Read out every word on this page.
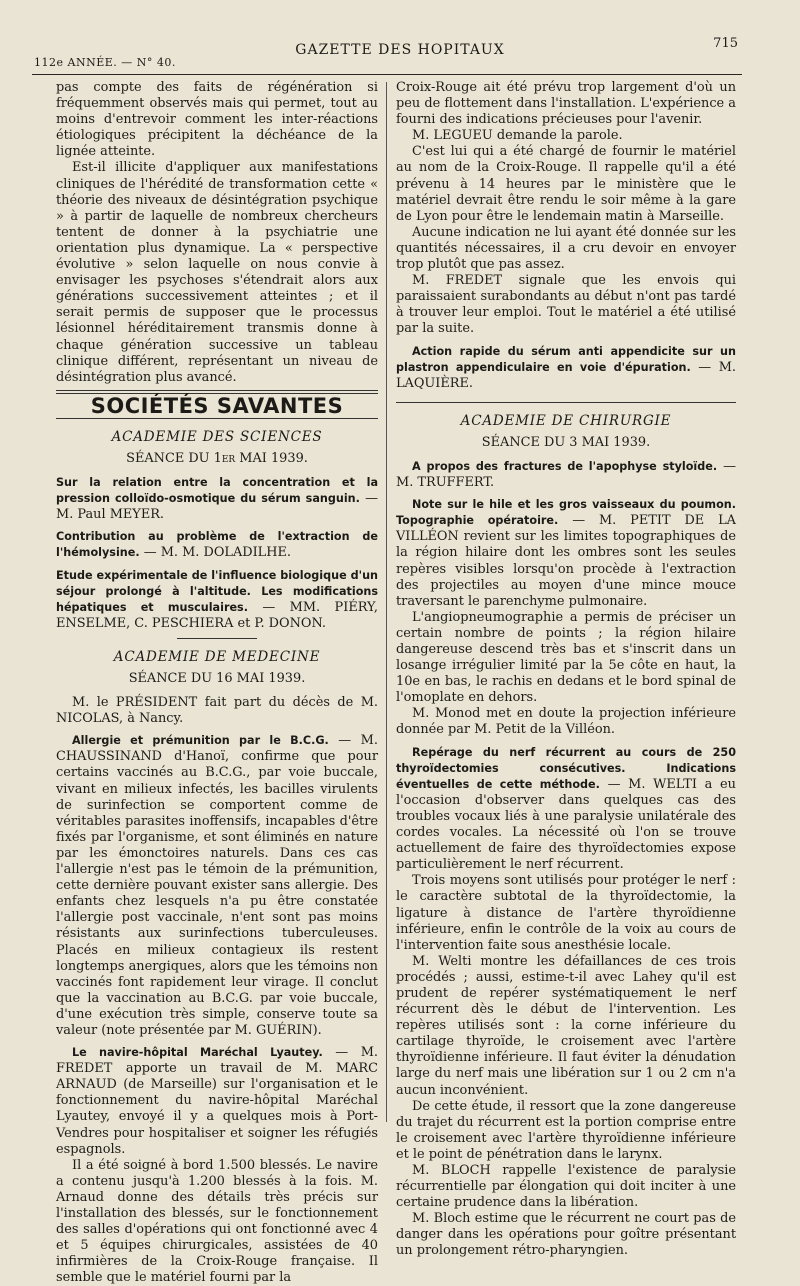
112e ANNÉE. — N° 40.
GAZETTE DES HOPITAUX	715

pas compte des faits de régénération si fréquemment observés mais qui permet, tout au moins d'entrevoir comment les inter-réactions étiologiques précipitent la déchéance de la lignée atteinte.

Est-il illicite d'appliquer aux manifestations cliniques de l'hérédité de transformation cette « théorie des niveaux de désintégration psychique » à partir de laquelle de nombreux chercheurs tentent de donner à la psychiatrie une orientation plus dynamique. La « perspective évolutive » selon laquelle on nous convie à envisager les psychoses s'étendrait alors aux générations successivement atteintes ; et il serait permis de supposer que le processus lésionnel héréditairement transmis donne à chaque génération successive un tableau clinique différent, représentant un niveau de désintégration plus avancé.

SOCIÉTÉS SAVANTES
ACADEMIE DES SCIENCES
SÉANCE DU 1er MAI 1939.

Sur la relation entre la concentration et la pression colloïdo-osmotique du sérum sanguin. — M. Paul MEYER.

Contribution au problème de l'extraction de l'hémolysine. — M. M. DOLADILHE.

Etude expérimentale de l'influence biologique d'un séjour prolongé à l'altitude. Les modifications hépatiques et musculaires. — MM. PIÉRY, ENSELME, C. PESCHIERA et P. DONON.

ACADEMIE DE MEDECINE
SÉANCE DU 16 MAI 1939.

M. le PRÉSIDENT fait part du décès de M. NICOLAS, à Nancy.

Allergie et prémunition par le B.C.G. — M. CHAUSSINAND d'Hanoï, confirme que pour certains vaccinés au B.C.G., par voie buccale, vivant en milieux infectés, les bacilles virulents de surinfection se comportent comme de véritables parasites inoffensifs, incapables d'être fixés par l'organisme, et sont éliminés en nature par les émonctoires naturels. Dans ces cas l'allergie n'est pas le témoin de la prémunition, cette dernière pouvant exister sans allergie. Des enfants chez lesquels n'a pu être constatée l'allergie post vaccinale, n'ent sont pas moins résistants aux surinfections tuberculeuses. Placés en milieux contagieux ils restent longtemps anergiques, alors que les témoins non vaccinés font rapidement leur virage. Il conclut que la vaccination au B.C.G. par voie buccale, d'une exécution très simple, conserve toute sa valeur (note présentée par M. GUÉRIN).

Le navire-hôpital Maréchal Lyautey. — M. FREDET apporte un travail de M. MARC ARNAUD (de Marseille) sur l'organisation et le fonctionnement du navire-hôpital Maréchal Lyautey, envoyé il y a quelques mois à Port-Vendres pour hospitaliser et soigner les réfugiés espagnols.

Il a été soigné à bord 1.500 blessés. Le navire a contenu jusqu'à 1.200 blessés à la fois. M. Arnaud donne des détails très précis sur l'installation des blessés, sur le fonctionnement des salles d'opérations qui ont fonctionné avec 4 et 5 équipes chirurgicales, assistées de 40 infirmières de la Croix-Rouge française. Il semble que le matériel fourni par la

Croix-Rouge ait été prévu trop largement d'où un peu de flottement dans l'installation. L'expérience a fourni des indications précieuses pour l'avenir.

M. LEGUEU demande la parole.

C'est lui qui a été chargé de fournir le matériel au nom de la Croix-Rouge. Il rappelle qu'il a été prévenu à 14 heures par le ministère que le matériel devrait être rendu le soir même à la gare de Lyon pour être le lendemain matin à Marseille.

Aucune indication ne lui ayant été donnée sur les quantités nécessaires, il a cru devoir en envoyer trop plutôt que pas assez.

M. FREDET signale que les envois qui paraissaient surabondants au début n'ont pas tardé à trouver leur emploi. Tout le matériel a été utilisé par la suite.

Action rapide du sérum anti appendicite sur un plastron appendiculaire en voie d'épuration. — M. LAQUIÈRE.

ACADEMIE DE CHIRURGIE
SÉANCE DU 3 MAI 1939.

A propos des fractures de l'apophyse styloïde. —M. TRUFFERT.

Note sur le hile et les gros vaisseaux du poumon. Topographie opératoire. — M. PETIT DE LA VILLÉON revient sur les limites topographiques de la région hilaire dont les ombres sont les seules repères visibles lorsqu'on procède à l'extraction des projectiles au moyen d'une mince mouce traversant le parenchyme pulmonaire.

L'angiopneumographie a permis de préciser un certain nombre de points ; la région hilaire dangereuse descend très bas et s'inscrit dans un losange irrégulier limité par la 5e côte en haut, la 10e en bas, le rachis en dedans et le bord spinal de l'omoplate en dehors.

M. Monod met en doute la projection inférieure donnée par M. Petit de la Villéon.

Repérage du nerf récurrent au cours de 250 thyroïdectomies consécutives. Indications éventuelles de cette méthode. — M. WELTI a eu l'occasion d'observer dans quelques cas des troubles vocaux liés à une paralysie unilatérale des cordes vocales. La nécessité où l'on se trouve actuellement de faire des thyroïdectomies expose particulièrement le nerf récurrent.

Trois moyens sont utilisés pour protéger le nerf : le caractère subtotal de la thyroïdectomie, la ligature à distance de l'artère thyroïdienne inférieure, enfin le contrôle de la voix au cours de l'intervention faite sous anesthésie locale.

M. Welti montre les défaillances de ces trois procédés ; aussi, estime-t-il avec Lahey qu'il est prudent de repérer systématiquement le nerf récurrent dès le début de l'intervention. Les repères utilisés sont : la corne inférieure du cartilage thyroïde, le croisement avec l'artère thyroïdienne inférieure. Il faut éviter la dénudation large du nerf mais une libération sur 1 ou 2 cm n'a aucun inconvénient.

De cette étude, il ressort que la zone dangereuse du trajet du récurrent est la portion comprise entre le croisement avec l'artère thyroïdienne inférieure et le point de pénétration dans le larynx.

M. BLOCH rappelle l'existence de paralysie récurrentielle par élongation qui doit inciter à une certaine prudence dans la libération.

M. Bloch estime que le récurrent ne court pas de danger dans les opérations pour goître présentant un prolongement rétro-pharyngien.
